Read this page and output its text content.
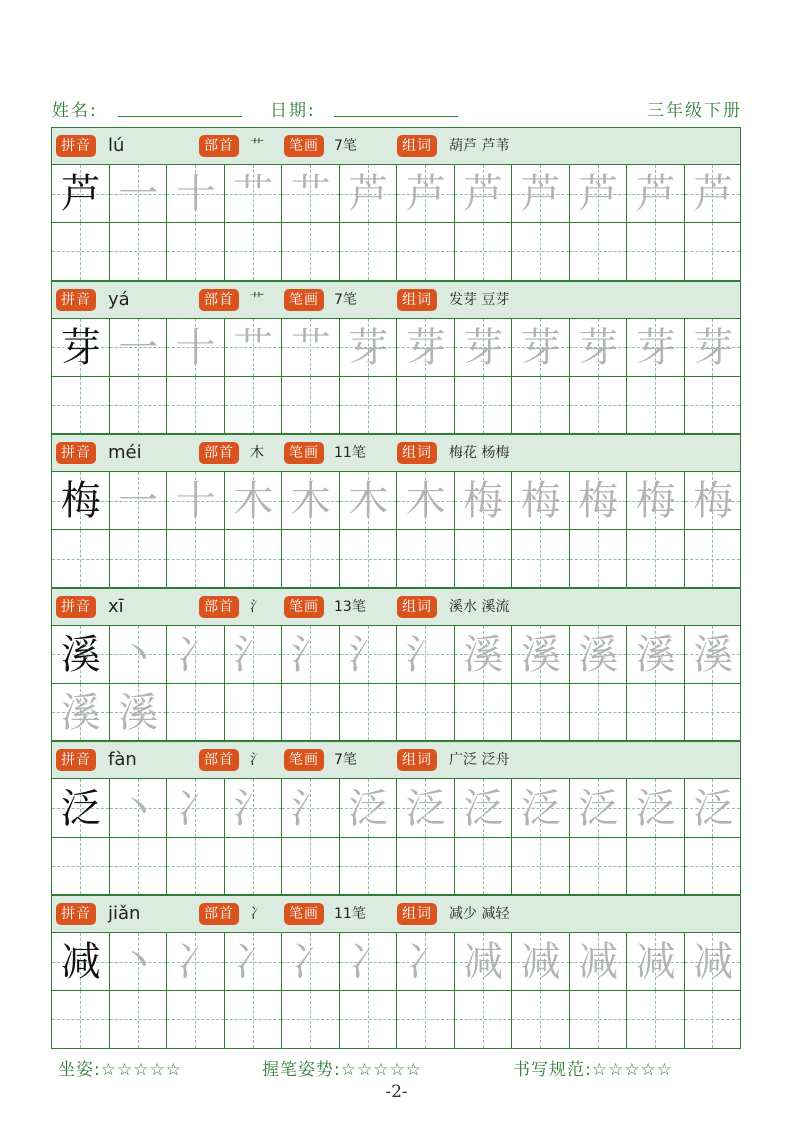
姓名:	日期:	三年级下册
拼音 lú	部首	艹	笔画	7笔	组词	葫芦 芦苇
芦 一 十 艹 艹 芦 芦 芦 芦 芦 芦 芦
拼音 yá	部首	艹	笔画	7笔	组词	发芽 豆芽
芽 一 十 艹 艹 芽 芽 芽 芽 芽 芽 芽
拼音 méi	部首	木	笔画	11笔	组词	梅花 杨梅
梅 一 十 木 木 木 木 梅 梅 梅 梅 梅
拼音 xī	部首	氵	笔画	13笔	组词	溪水 溪流
溪 丶 冫 氵 氵 氵 氵 溪 溪 溪 溪 溪
溪 溪
拼音 fàn	部首	氵	笔画	7笔	组词	广泛 泛舟
泛 丶 冫 氵 氵 泛 泛 泛 泛 泛 泛 泛
拼音 jiǎn	部首	冫	笔画	11笔	组词	减少 减轻
减 丶 冫 冫 冫 冫 冫 减 减 减 减 减
坐姿:☆☆☆☆☆	握笔姿势:☆☆☆☆☆	书写规范:☆☆☆☆☆
-2-
